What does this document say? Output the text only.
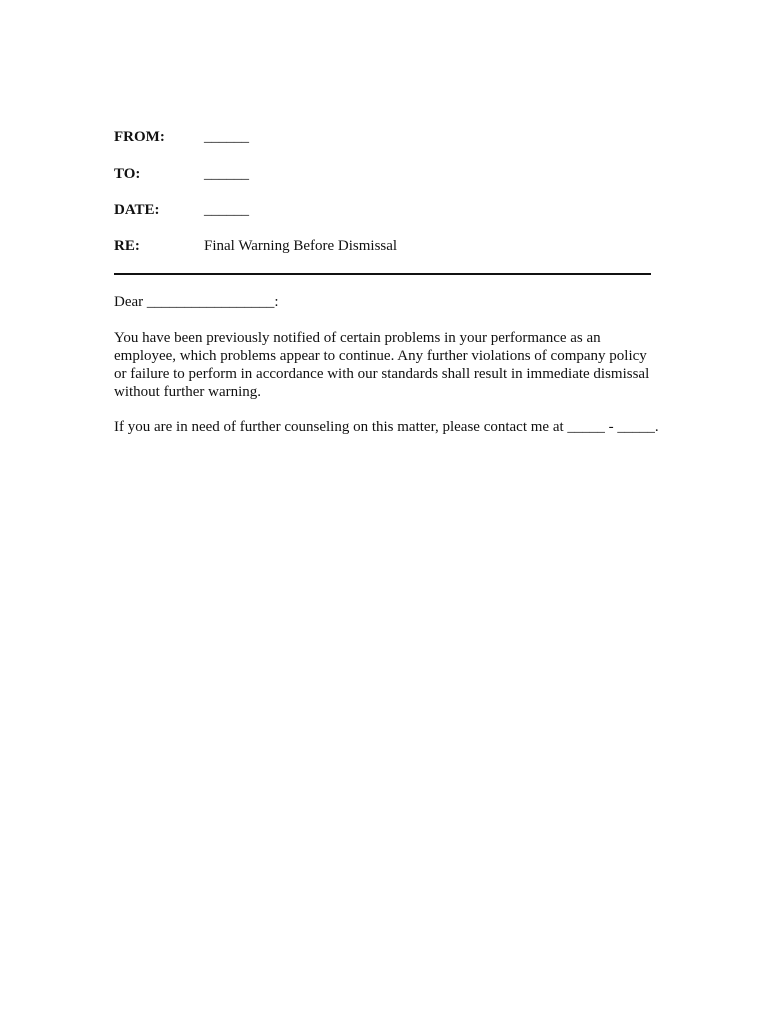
FROM:	______
TO:	______
DATE:	______
RE:	Final Warning Before Dismissal
Dear _________________:
You have been previously notified of certain problems in your performance as an
employee, which problems appear to continue. Any further violations of company policy
or failure to perform in accordance with our standards shall result in immediate dismissal
without further warning.
If you are in need of further counseling on this matter, please contact me at _____ - _____.
